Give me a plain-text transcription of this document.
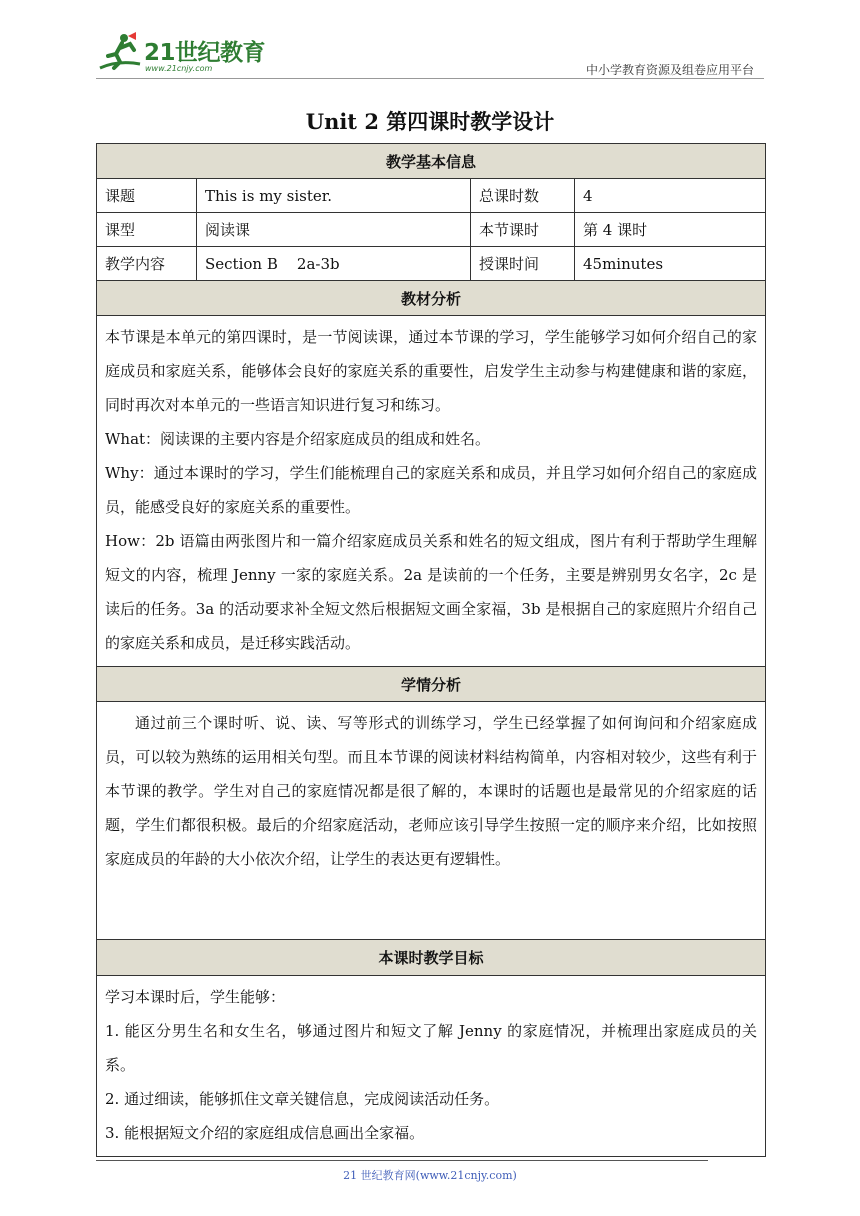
21世纪教育
www.21cnjy.com	中小学教育资源及组卷应用平台
Unit 2 第四课时教学设计
教学基本信息			
课题	This is my sister.	总课时数	4
课型	阅读课	本节课时	第 4 课时
教学内容	Section B    2a-3b	授课时间	45minutes
教材分析			

本节课是本单元的第四课时，是一节阅读课，通过本节课的学习，学生能够学习如何介绍自己的家庭成员和家庭关系，能够体会良好的家庭关系的重要性，启发学生主动参与构建健康和谐的家庭，同时再次对本单元的一些语言知识进行复习和练习。

What：阅读课的主要内容是介绍家庭成员的组成和姓名。

Why：通过本课时的学习，学生们能梳理自己的家庭关系和成员，并且学习如何介绍自己的家庭成员，能感受良好的家庭关系的重要性。

How：2b 语篇由两张图片和一篇介绍家庭成员关系和姓名的短文组成，图片有利于帮助学生理解短文的内容，梳理 Jenny 一家的家庭关系。2a 是读前的一个任务，主要是辨别男女名字，2c 是读后的任务。3a 的活动要求补全短文然后根据短文画全家福，3b 是根据自己的家庭照片介绍自己的家庭关系和成员，是迁移实践活动。			

学情分析			

通过前三个课时听、说、读、写等形式的训练学习，学生已经掌握了如何询问和介绍家庭成员，可以较为熟练的运用相关句型。而且本节课的阅读材料结构简单，内容相对较少，这些有利于本节课的教学。学生对自己的家庭情况都是很了解的，本课时的话题也是最常见的介绍家庭的话题，学生们都很积极。最后的介绍家庭活动，老师应该引导学生按照一定的顺序来介绍，比如按照家庭成员的年龄的大小依次介绍，让学生的表达更有逻辑性。			

本课时教学目标			

学习本课时后，学生能够：

1. 能区分男生名和女生名，够通过图片和短文了解 Jenny 的家庭情况，并梳理出家庭成员的关系。

2. 通过细读，能够抓住文章关键信息，完成阅读活动任务。

3. 能根据短文介绍的家庭组成信息画出全家福。			

21 世纪教育网(www.21cnjy.com)
